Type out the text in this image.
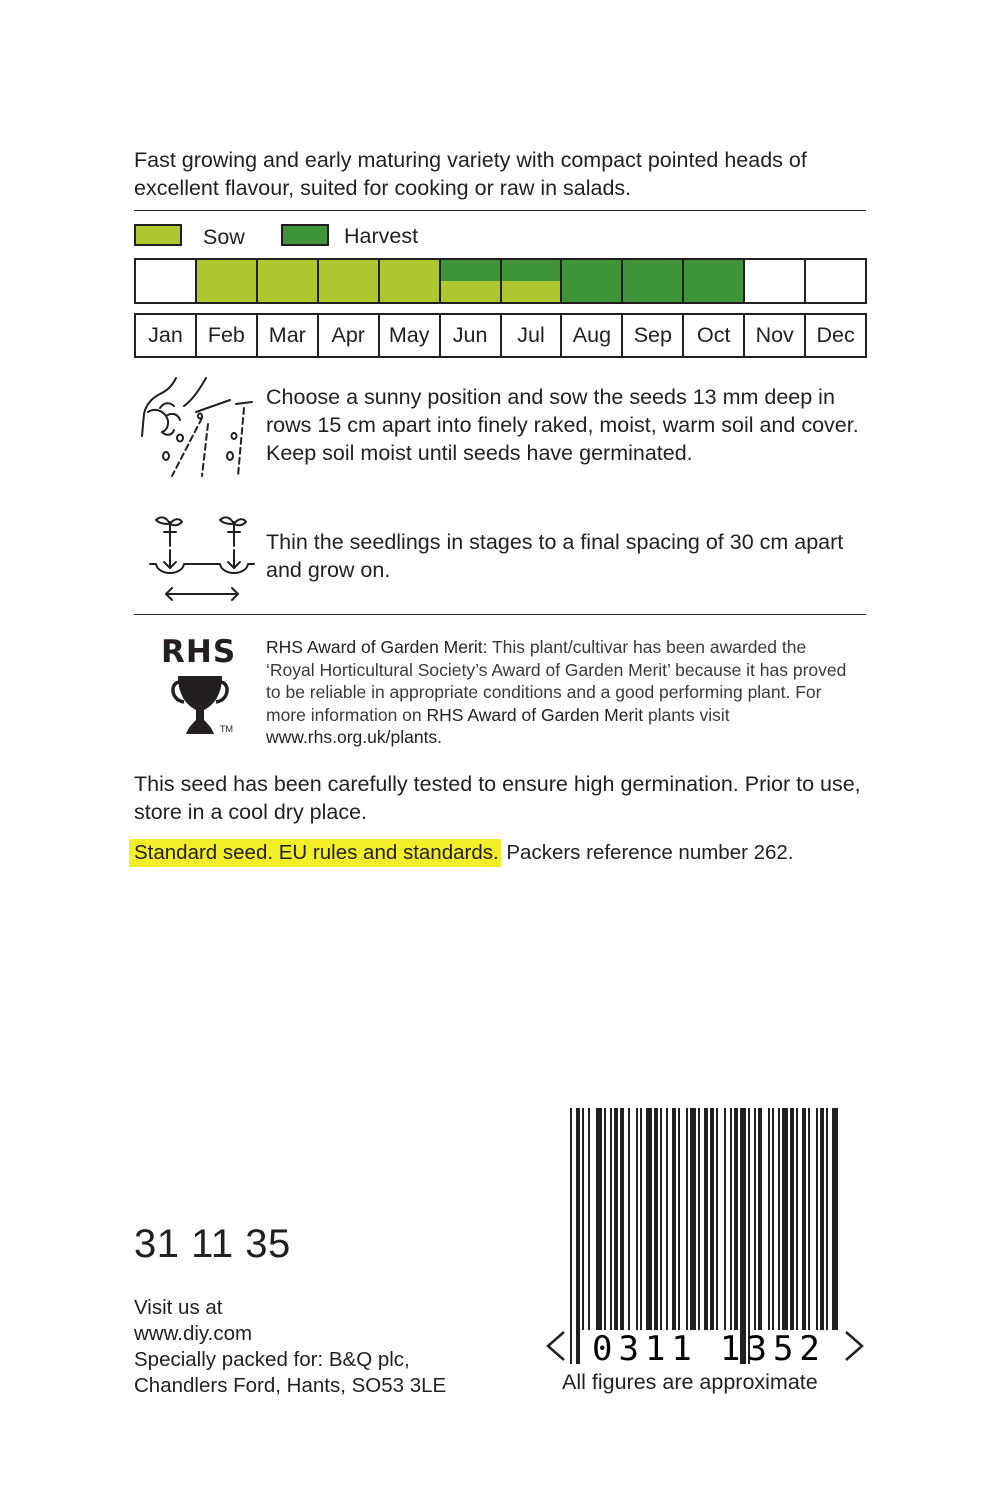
Fast growing and early maturing variety with compact pointed heads of excellent flavour, suited for cooking or raw in salads.
Sow	Harvest
Jan	Feb	Mar	Apr	May	Jun	Jul	Aug	Sep	Oct	Nov	Dec
Choose a sunny position and sow the seeds 13 mm deep in rows 15 cm apart into finely raked, moist, warm soil and cover. Keep soil moist until seeds have germinated.
Thin the seedlings in stages to a final spacing of 30 cm apart and grow on.
RHS
TM
RHS Award of Garden Merit: This plant/cultivar has been awarded the ‘Royal Horticultural Society’s Award of Garden Merit’ because it has proved to be reliable in appropriate conditions and a good performing plant. For more information on RHS Award of Garden Merit plants visit www.rhs.org.uk/plants.
This seed has been carefully tested to ensure high germination. Prior to use, store in a cool dry place.
Standard seed. EU rules and standards. Packers reference number 262.
31 11 35
Visit us at
www.diy.com
Specially packed for: B&Q plc,
Chandlers Ford, Hants, SO53 3LE
0311 1352
All figures are approximate
